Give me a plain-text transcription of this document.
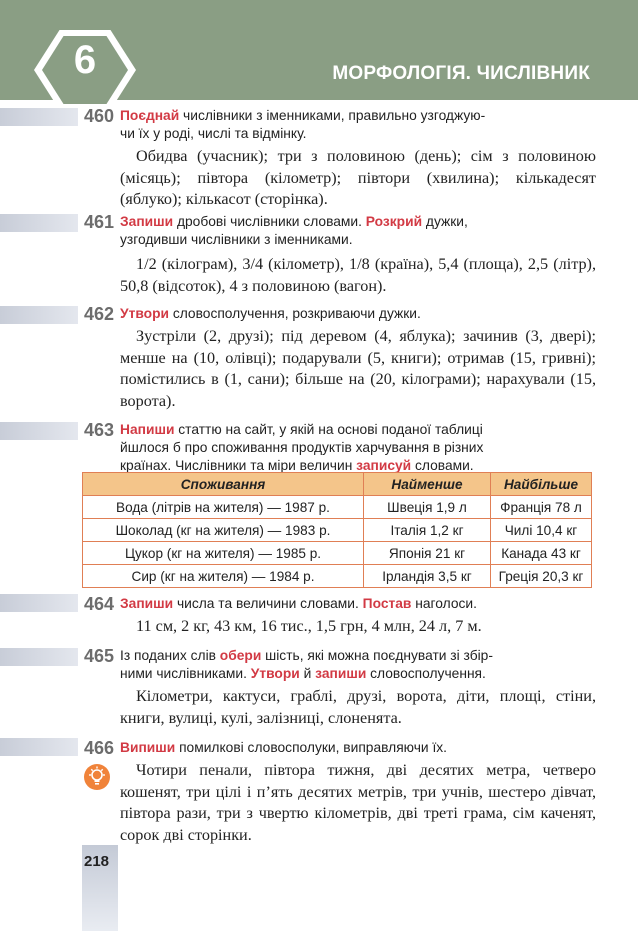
6	МОРФОЛОГІЯ. ЧИСЛІВНИК
460 Поєднай числівники з іменниками, правильно узгоджую-
чи їх у роді, числі та відмінку.
Обидва (учасник); три з половиною (день); сім з половиною (місяць); півтора (кілометр); півтори (хвилина); кількадесят (яблуко); кількасот (сторінка).
461 Запиши дробові числівники словами. Розкрий дужки,
узгодивши числівники з іменниками.
1/2 (кілограм), 3/4 (кілометр), 1/8 (країна), 5,4 (площа), 2,5 (літр), 50,8 (відсоток), 4 з половиною (вагон).
462 Утвори словосполучення, розкриваючи дужки.
Зустріли (2, друзі); під деревом (4, яблука); зачинив (3, двері); менше на (10, олівці); подарували (5, книги); отримав (15, гривні); помістились в (1, сани); більше на (20, кілограми); нарахували (15, ворота).
463 Напиши статтю на сайт, у якій на основі поданої таблиці
йшлося б про споживання продуктів харчування в різних
країнах. Числівники та міри величин записуй словами.
Споживання	Найменше	Найбільше
Вода (літрів на жителя) — 1987 р.	Швеція 1,9 л	Франція 78 л
Шоколад (кг на жителя) — 1983 р.	Італія 1,2 кг	Чилі 10,4 кг
Цукор (кг на жителя) — 1985 р.	Японія 21 кг	Канада 43 кг
Сир (кг на жителя) — 1984 р.	Ірландія 3,5 кг	Греція 20,3 кг
464 Запиши числа та величини словами. Постав наголоси.
11 см, 2 кг, 43 км, 16 тис., 1,5 грн, 4 млн, 24 л, 7 м.
465 Із поданих слів обери шість, які можна поєднувати зі збір-
ними числівниками. Утвори й запиши словосполучення.
Кілометри, кактуси, граблі, друзі, ворота, діти, площі, стіни, книги, вулиці, кулі, залізниці, слоненята.
466 Випиши помилкові словосполуки, виправляючи їх.
Чотири пенали, півтора тижня, дві десятих метра, четверо кошенят, три цілі і п’ять десятих метрів, три учнів, шестеро дівчат, півтора рази, три з чвертю кілометрів, дві треті грама, сім каченят, сорок дві сторінки.
218
